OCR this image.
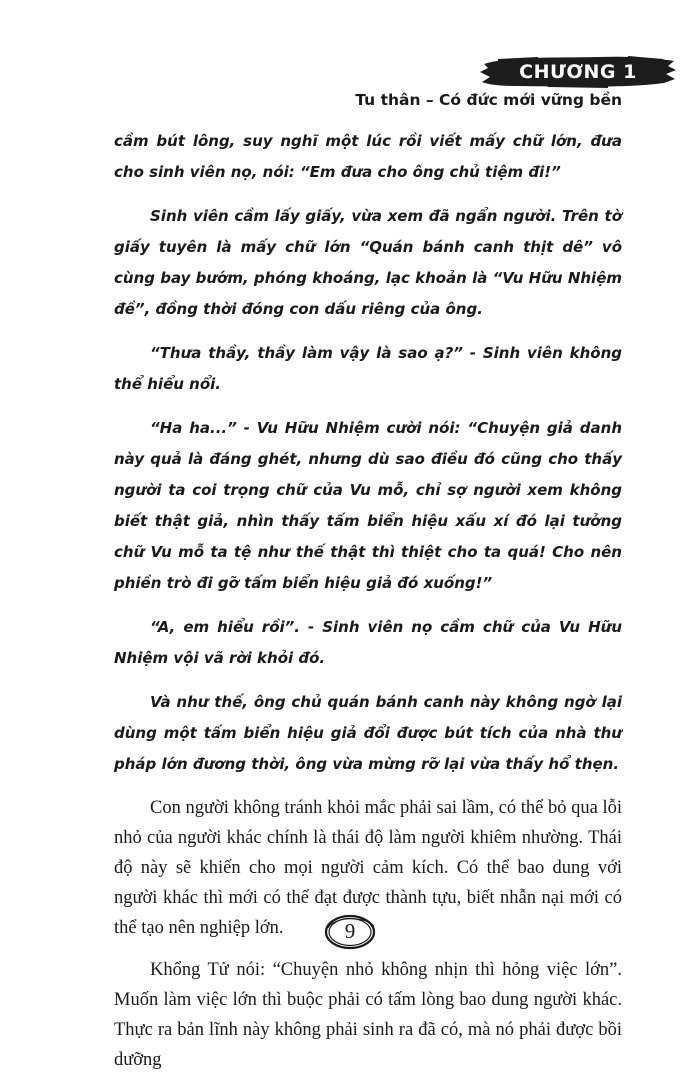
CHƯƠNG 1
Tu thân – Có đức mới vững bền

cầm bút lông, suy nghĩ một lúc rồi viết mấy chữ lớn, đưa cho sinh viên nọ, nói: “Em đưa cho ông chủ tiệm đi!”

Sinh viên cầm lấy giấy, vừa xem đã ngẩn người. Trên tờ giấy tuyên là mấy chữ lớn “Quán bánh canh thịt dê” vô cùng bay bướm, phóng khoáng, lạc khoản là “Vu Hữu Nhiệm đề”, đồng thời đóng con dấu riêng của ông.

“Thưa thầy, thầy làm vậy là sao ạ?” - Sinh viên không thể hiểu nổi.

“Ha ha...” - Vu Hữu Nhiệm cười nói: “Chuyện giả danh này quả là đáng ghét, nhưng dù sao điều đó cũng cho thấy người ta coi trọng chữ của Vu mỗ, chỉ sợ người xem không biết thật giả, nhìn thấy tấm biển hiệu xấu xí đó lại tưởng chữ Vu mỗ ta tệ như thế thật thì thiệt cho ta quá! Cho nên phiền trò đi gỡ tấm biển hiệu giả đó xuống!”

“A, em hiểu rồi”. - Sinh viên nọ cầm chữ của Vu Hữu Nhiệm vội vã rời khỏi đó.

Và như thế, ông chủ quán bánh canh này không ngờ lại dùng một tấm biển hiệu giả đổi được bút tích của nhà thư pháp lớn đương thời, ông vừa mừng rỡ lại vừa thấy hổ thẹn.

Con người không tránh khỏi mắc phải sai lầm, có thể bỏ qua lỗi nhỏ của người khác chính là thái độ làm người khiêm nhường. Thái độ này sẽ khiến cho mọi người cảm kích. Có thể bao dung với người khác thì mới có thể đạt được thành tựu, biết nhẫn nại mới có thể tạo nên nghiệp lớn.

Khổng Tử nói: “Chuyện nhỏ không nhịn thì hỏng việc lớn”. Muốn làm việc lớn thì buộc phải có tấm lòng bao dung người khác. Thực ra bản lĩnh này không phải sinh ra đã có, mà nó phải được bồi dưỡng

9
